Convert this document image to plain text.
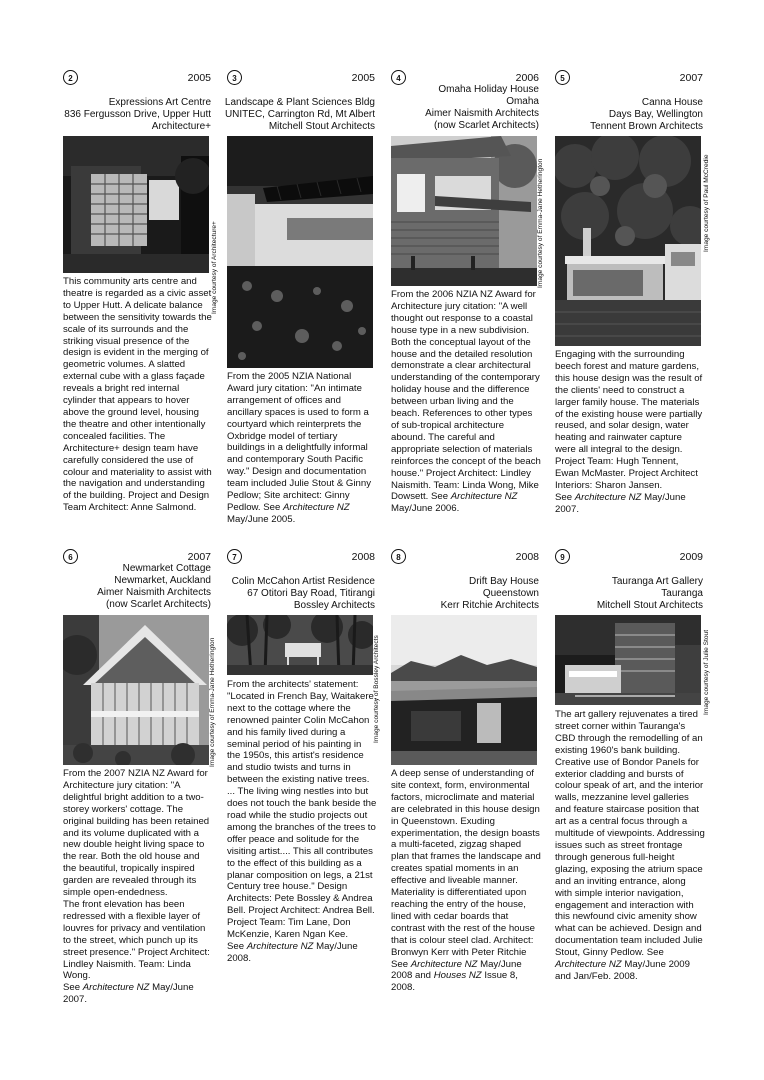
2	2005
Expressions Art Centre
836 Fergusson Drive, Upper Hutt
Architecture+
Image courtesy of Architecture+

This community arts centre and theatre is regarded as a civic asset to Upper Hutt. A delicate balance between the sensitivity towards the scale of its surrounds and the striking visual presence of the design is evident in the merging of geometric volumes. A slatted external cube with a glass façade reveals a bright red internal cylinder that appears to hover above the ground level, housing the theatre and other intentionally concealed facilities. The Architecture+ design team have carefully considered the use of colour and materiality to assist with the navigation and understanding of the building. Project and Design Team Architect: Anne Salmond.

3	2005
Landscape & Plant Sciences Bldg
UNITEC, Carrington Rd, Mt Albert
Mitchell Stout Architects

From the 2005 NZIA National Award jury citation: "An intimate arrangement of offices and ancillary spaces is used to form a courtyard which reinterprets the Oxbridge model of tertiary buildings in a delightfully informal and contemporary South Pacific way." Design and documentation team included Julie Stout & Ginny Pedlow; Site architect: Ginny Pedlow. See Architecture NZ May/June 2005.

4	2006
Omaha Holiday House
Omaha
Aimer Naismith Architects
(now Scarlet Architects)
Image courtesy of Emma-Jane Hetherington

From the 2006 NZIA NZ Award for Architecture jury citation: "A well thought out response to a coastal house type in a new subdivision. Both the conceptual layout of the house and the detailed resolution demonstrate a clear architectural understanding of the contemporary holiday house and the difference between urban living and the beach. References to other types of sub-tropical architecture abound. The careful and appropriate selection of materials reinforces the concept of the beach house." Project Architect: Lindley Naismith. Team: Linda Wong, Mike Dowsett. See Architecture NZ May/June 2006.

5	2007
Canna House
Days Bay, Wellington
Tennent Brown Architects
Image courtesy of Paul McCredie

Engaging with the surrounding beech forest and mature gardens, this house design was the result of the clients' need to construct a larger family house. The materials of the existing house were partially reused, and solar design, water heating and rainwater capture were all integral to the design. Project Team: Hugh Tennent, Ewan McMaster. Project Architect Interiors: Sharon Jansen.
See Architecture NZ May/June 2007.

6	2007
Newmarket Cottage
Newmarket, Auckland
Aimer Naismith Architects
(now Scarlet Architects)
Image courtesy of Emma-Jane Hetherington

From the 2007 NZIA NZ Award for Architecture jury citation: "A delightful bright addition to a two-storey workers' cottage. The original building has been retained and its volume duplicated with a new double height living space to the rear. Both the old house and the beautiful, tropically inspired garden are revealed through its simple open-endedness.

The front elevation has been redressed with a flexible layer of louvres for privacy and ventilation to the street, which punch up its street presence." Project Architect: Lindley Naismith. Team: Linda Wong.

See Architecture NZ May/June 2007.

7	2008
Colin McCahon Artist Residence
67 Otitori Bay Road, Titirangi
Bossley Architects
Image courtesy of Bossley Architects

From the architects' statement: "Located in French Bay, Waitakere, next to the cottage where the renowned painter Colin McCahon and his family lived during a seminal period of his painting in the 1950s, this artist's residence and studio twists and turns in between the existing native trees. ... The living wing nestles into but does not touch the bank beside the road while the studio projects out among the branches of the trees to offer peace and solitude for the visiting artist.... This all contributes to the effect of this building as a planar composition on legs, a 21st Century tree house." Design Architects: Pete Bossley & Andrea Bell. Project Architect: Andrea Bell. Project Team: Tim Lane, Don McKenzie, Karen Ngan Kee.
See Architecture NZ May/June 2008.

8	2008
Drift Bay House
Queenstown
Kerr Ritchie Architects

A deep sense of understanding of site context, form, environmental factors, microclimate and material are celebrated in this house design in Queenstown. Exuding experimentation, the design boasts a multi-faceted, zigzag shaped plan that frames the landscape and creates spatial moments in an effective and liveable manner. Materiality is differentiated upon reaching the entry of the house, lined with cedar boards that contrast with the rest of the house that is colour steel clad. Architect: Bronwyn Kerr with Peter Ritchie
See Architecture NZ May/June 2008 and Houses NZ Issue 8, 2008.

9	2009
Tauranga Art Gallery
Tauranga
Mitchell Stout Architects
Image courtesy of Julie Stout

The art gallery rejuvenates a tired street corner within Tauranga's CBD through the remodelling of an existing 1960's bank building. Creative use of Bondor Panels for exterior cladding and bursts of colour speak of art, and the interior walls, mezzanine level galleries and feature staircase position that art as a central focus through a multitude of viewpoints. Addressing issues such as street frontage through generous full-height glazing, exposing the atrium space and an inviting entrance, along with simple interior navigation, engagement and interaction with this newfound civic amenity show what can be achieved. Design and documentation team included Julie Stout, Ginny Pedlow. See Architecture NZ May/June 2009 and Jan/Feb. 2008.
